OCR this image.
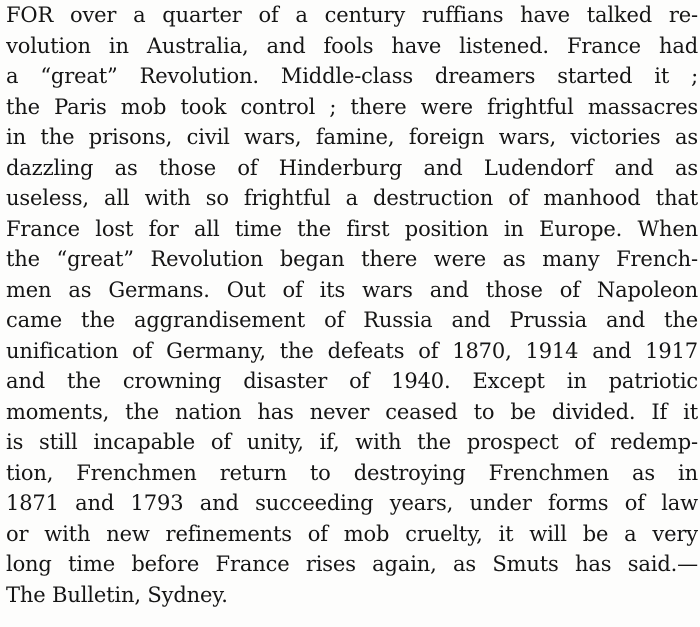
FOR over a quarter of a century ruffians have talked re-
volution in Australia, and fools have listened. France had
a “great” Revolution. Middle-class dreamers started it ;
the Paris mob took control ; there were frightful massacres
in the prisons, civil wars, famine, foreign wars, victories as
dazzling as those of Hinderburg and Ludendorf and as
useless, all with so frightful a destruction of manhood that
France lost for all time the first position in Europe. When
the “great” Revolution began there were as many French-
men as Germans. Out of its wars and those of Napoleon
came the aggrandisement of Russia and Prussia and the
unification of Germany, the defeats of 1870, 1914 and 1917
and the crowning disaster of 1940. Except in patriotic
moments, the nation has never ceased to be divided. If it
is still incapable of unity, if, with the prospect of redemp-
tion, Frenchmen return to destroying Frenchmen as in
1871 and 1793 and succeeding years, under forms of law
or with new refinements of mob cruelty, it will be a very
long time before France rises again, as Smuts has said.—
The Bulletin, Sydney.
